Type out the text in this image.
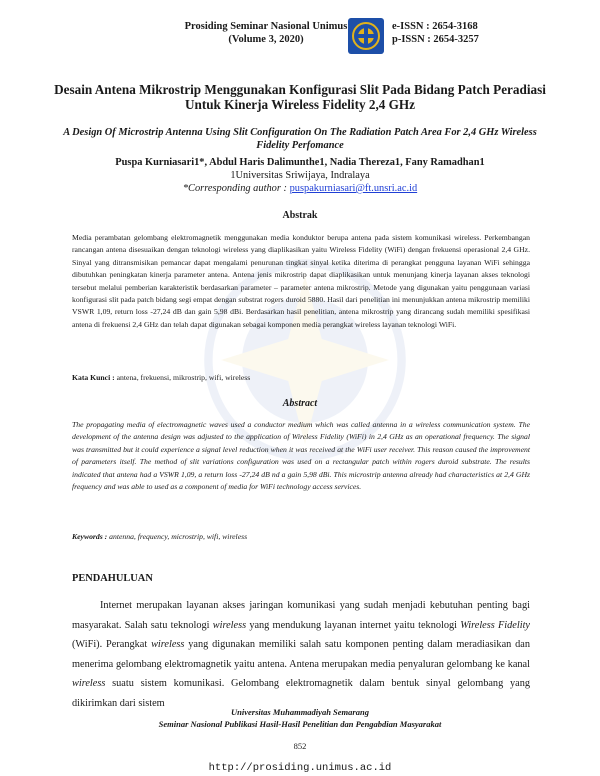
Prosiding Seminar Nasional Unimus
(Volume 3, 2020)
e-ISSN : 2654-3168
p-ISSN : 2654-3257
Desain Antena Mikrostrip Menggunakan Konfigurasi Slit Pada Bidang Patch Peradiasi Untuk Kinerja Wireless Fidelity 2,4 GHz
A Design Of Microstrip Antenna Using Slit Configuration On The Radiation Patch Area For 2,4 GHz Wireless Fidelity Perfomance
Puspa Kurniasari1*, Abdul Haris Dalimunthe1, Nadia Thereza1, Fany Ramadhan1
1Universitas Sriwijaya, Indralaya
*Corresponding author : puspakurniasari@ft.unsri.ac.id
Abstrak
Media perambatan gelombang elektromagnetik menggunakan media konduktor berupa antena pada sistem komunikasi wireless. Perkembangan rancangan antena disesuaikan dengan teknologi wireless yang diaplikasikan yaitu Wireless Fidelity (WiFi) dengan frekuensi operasional 2,4 GHz. Sinyal yang ditransmisikan pemancar dapat mengalami penurunan tingkat sinyal ketika diterima di perangkat pengguna layanan WiFi sehingga dibutuhkan peningkatan kinerja parameter antena. Antena jenis mikrostrip dapat diaplikasikan untuk menunjang kinerja layanan akses teknologi tersebut melalui pemberian karakteristik berdasarkan parameter – parameter antena mikrostrip. Metode yang digunakan yaitu penggunaan variasi konfigurasi slit pada patch bidang segi empat dengan substrat rogers duroid 5880. Hasil dari penelitian ini menunjukkan antena mikrostrip memiliki VSWR 1,09, return loss -27,24 dB dan gain 5,98 dBi. Berdasarkan hasil penelitian, antena mikrostrip yang dirancang sudah memiliki spesifikasi antena di frekuensi 2,4 GHz dan telah dapat digunakan sebagai komponen media perangkat wireless layanan teknologi WiFi.
Kata Kunci : antena, frekuensi, mikrostrip, wifi, wireless
Abstract
The propagating media of electromagnetic waves used a conductor medium which was called antenna in a wireless communication system. The development of the antenna design was adjusted to the application of Wireless Fidelity (WiFi) in 2,4 GHz as an operational frequency. The signal was transmitted but it could experience a signal level reduction when it was received at the WiFi user receiver. This reason caused the improvement of parameters itself. The method of slit variations configuration was used on a rectangular patch within rogers duroid substrate. The results indicated that antena had a VSWR 1,09, a return loss -27,24 dB nd a gain 5,98 dBi. This microstrip antenna already had characteristics at 2,4 GHz frequency and was able to used as a component of media for WiFi technology access services.
Keywords : antenna, frequency, microstrip, wifi, wireless
PENDAHULUAN
Internet merupakan layanan akses jaringan komunikasi yang sudah menjadi kebutuhan penting bagi masyarakat. Salah satu teknologi wireless yang mendukung layanan internet yaitu teknologi Wireless Fidelity (WiFi). Perangkat wireless yang digunakan memiliki salah satu komponen penting dalam meradiasikan dan menerima gelombang elektromagnetik yaitu antena. Antena merupakan media penyaluran gelombang ke kanal wireless suatu sistem komunikasi. Gelombang elektromagnetik dalam bentuk sinyal gelombang yang dikirimkan dari sistem
Universitas Muhammadiyah Semarang
Seminar Nasional Publikasi Hasil-Hasil Penelitian dan Pengabdian Masyarakat
852
http://prosiding.unimus.ac.id
